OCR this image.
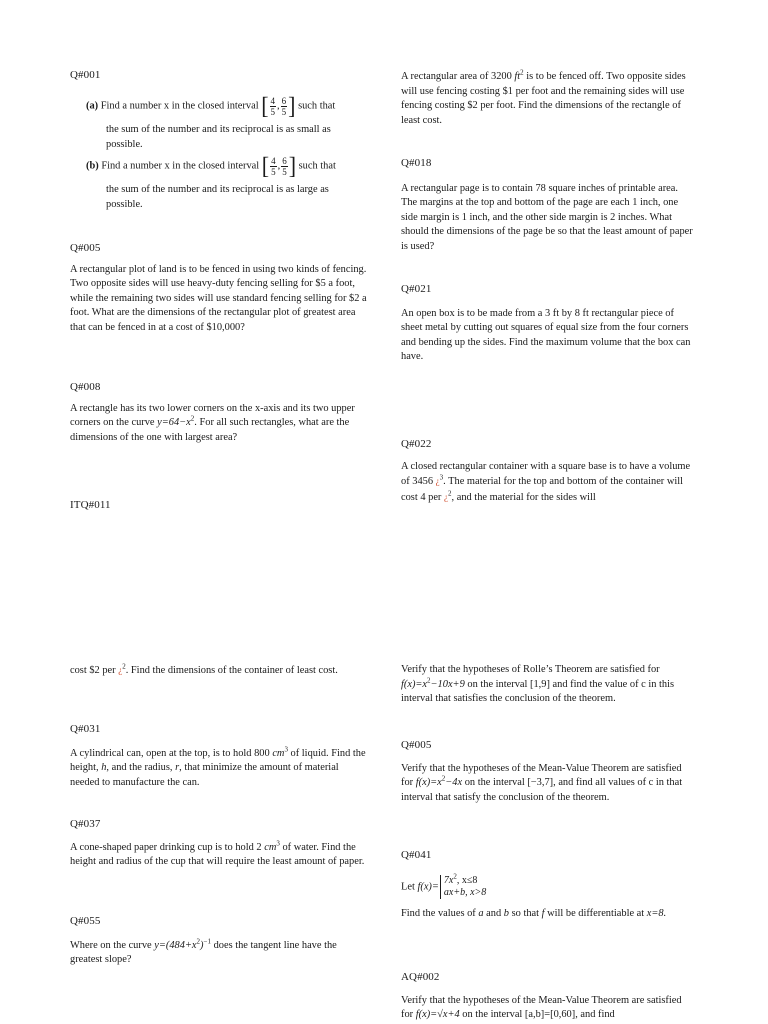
Q#001
(a) Find a number x in the closed interval [ $\frac{4}{5}$ , $\frac{6}{5}$ ] such that
the sum of the number and its reciprocal is as small as possible.
(b) Find a number x in the closed interval [ $\frac{4}{5}$ , $\frac{6}{5}$ ] such that
the sum of the number and its reciprocal is as large as possible.
Q#005

A rectangular plot of land is to be fenced in using two kinds of fencing. Two opposite sides will use heavy-duty fencing selling for $5 a foot, while the remaining two sides will use standard fencing selling for $2 a foot. What are the dimensions of the rectangular plot of greatest area that can be fenced in at a cost of $10,000?

Q#008

A rectangle has its two lower corners on the x-axis and its two upper corners on the curve $y=64-x^2$. For all such rectangles, what are the dimensions of the one with largest area?

ITQ#011

A rectangular area of 3200 $ft^2$ is to be fenced off. Two opposite sides will use fencing costing $1 per foot and the remaining sides will use fencing costing $2 per foot. Find the dimensions of the rectangle of least cost.

Q#018

A rectangular page is to contain 78 square inches of printable area. The margins at the top and bottom of the page are each 1 inch, one side margin is 1 inch, and the other side margin is 2 inches. What should the dimensions of the page be so that the least amount of paper is used?

Q#021

An open box is to be made from a 3 ft by 8 ft rectangular piece of sheet metal by cutting out squares of equal size from the four corners and bending up the sides. Find the maximum volume that the box can have.

Q#022

A closed rectangular container with a square base is to have a volume of 3456 ¿$^3$. The material for the top and bottom of the container will cost 4 per ¿$^2$, and the material for the sides will

cost $2 per ¿$^2$. Find the dimensions of the container of least cost.

Q#031

A cylindrical can, open at the top, is to hold 800 $cm^3$ of liquid. Find the height, h, and the radius, r, that minimize the amount of material needed to manufacture the can.

Q#037

A cone-shaped paper drinking cup is to hold 2 $cm^3$ of water. Find the height and radius of the cup that will require the least amount of paper.

Q#055

Where on the curve $y=(484+x^2)^{-1}$ does the tangent line have the greatest slope?

Verify that the hypotheses of Rolle’s Theorem are satisfied for $f(x)=x^2-10x+9$ on the interval [1,9] and find the value of c in this interval that satisfies the conclusion of the theorem.

Q#005

Verify that the hypotheses of the Mean-Value Theorem are satisfied for $f(x)=x^2-4x$ on the interval [−3,7], and find all values of c in that interval that satisfy the conclusion of the theorem.

Q#041
Let f(x)=
$7x^2$, x≤8
ax+b, x>8

Find the values of a and b so that f will be differentiable at x=8.

AQ#002

Verify that the hypotheses of the Mean-Value Theorem are satisfied for f(x)=√x+4 on the interval [a,b]=[0,60], and find
